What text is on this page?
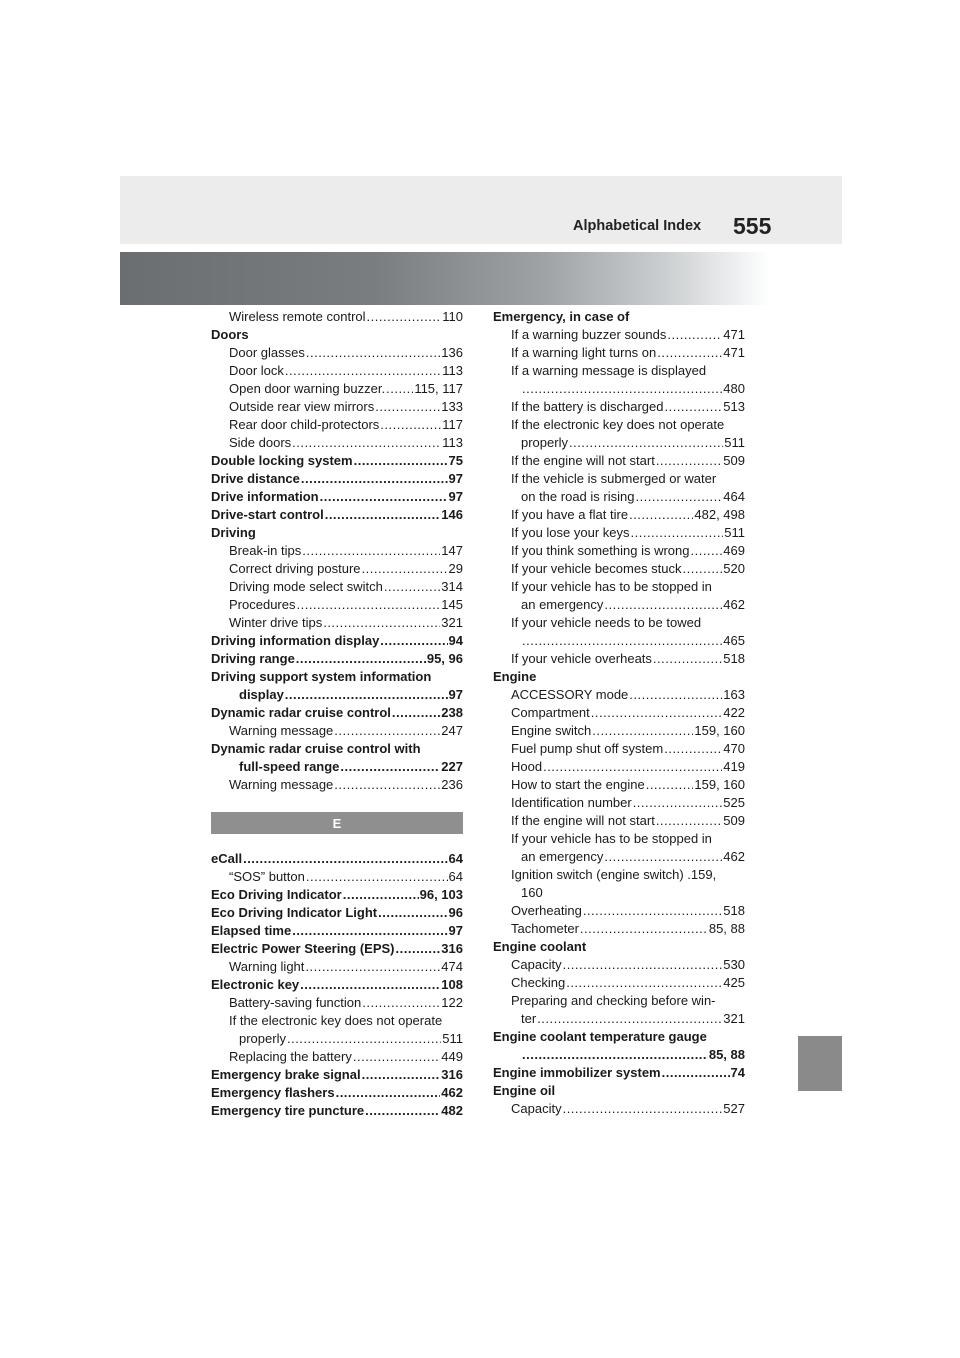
Alphabetical Index 555
Wireless remote control .....	110
Doors
Door glasses .....	136
Door lock .....	113
Open door warning buzzer. ..... 115, 117
Outside rear view mirrors .....	133
Rear door child-protectors .....	117
Side doors .....	113
Double locking system .....	75
Drive distance .....	97
Drive information .....	97
Drive-start control .....	146
Driving
Break-in tips .....	147
Correct driving posture .....	29
Driving mode select switch .....	314
Procedures .....	145
Winter drive tips .....	321
Driving information display .....	94
Driving range .....	95, 96
Driving support system information
display .....	97
Dynamic radar cruise control .....	238
Warning message .....	247
Dynamic radar cruise control with
full-speed range .....	227
Warning message .....	236
E
eCall .....	64
“SOS” button .....	64
Eco Driving Indicator .....	96, 103
Eco Driving Indicator Light .....	96
Elapsed time .....	97
Electric Power Steering (EPS) .....	316
Warning light .....	474
Electronic key .....	108
Battery-saving function .....	122
If the electronic key does not operate
properly .....	511
Replacing the battery .....	449
Emergency brake signal .....	316
Emergency flashers .....	462
Emergency tire puncture .....	482
Emergency, in case of
If a warning buzzer sounds .....	471
If a warning light turns on .....	471
If a warning message is displayed
.....
480
If the battery is discharged .....	513
If the electronic key does not operate
properly .....	511
If the engine will not start .....	509
If the vehicle is submerged or water
on the road is rising .....	464
If you have a flat tire .....	482, 498
If you lose your keys .....	511
If you think something is wrong .....	469
If your vehicle becomes stuck .....	520
If your vehicle has to be stopped in
an emergency .....	462
If your vehicle needs to be towed
.....
465
If your vehicle overheats .....	518
Engine
ACCESSORY mode .....	163
Compartment .....	422
Engine switch .....	159, 160
Fuel pump shut off system .....	470
Hood .....	419
How to start the engine .....	159, 160
Identification number .....	525
If the engine will not start .....	509
If your vehicle has to be stopped in
an emergency .....	462
Ignition switch (engine switch) .159,
160
Overheating .....	518
Tachometer .....	85, 88
Engine coolant
Capacity .....	530
Checking .....	425
Preparing and checking before win-
ter .....	321
Engine coolant temperature gauge
.....
85, 88
Engine immobilizer system .....	74
Engine oil
Capacity .....	527
